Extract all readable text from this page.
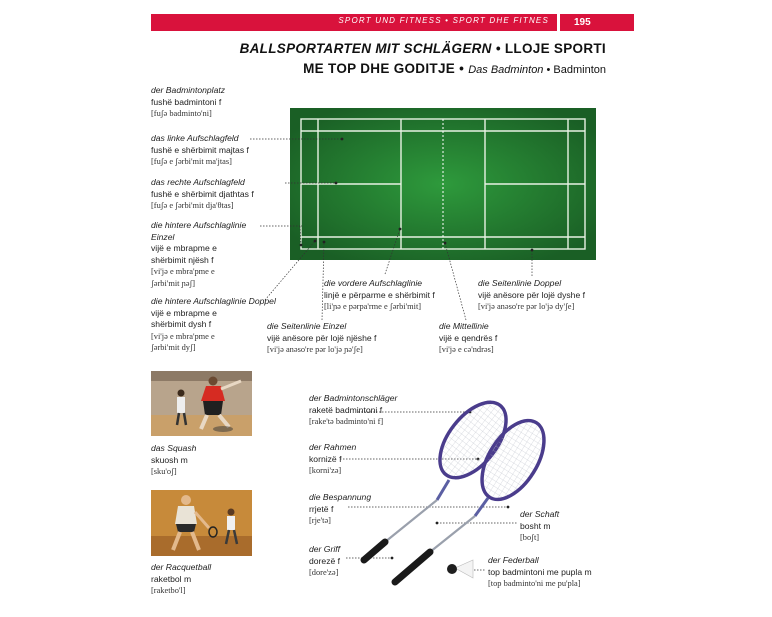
SPORT UND FITNESS • SPORT DHE FITNES	195
BALLSPORTARTEN MIT SCHLÄGERN • LLOJE SPORTI
ME TOP DHE GODITJE • Das Badminton • Badminton
der Badmintonplatz
fushë badmintoni f
[fuʃə badminto'ni]
das linke Aufschlagfeld
fushë e shërbimit majtas f
[fuʃə e ʃərbi'mit ma'jtas]
das rechte Aufschlagfeld
fushë e shërbimit djathtas f
[fuʃə e ʃərbi'mit dja'θtas]
die hintere Aufschlaglinie
Einzel
vijë e mbrapme e
shërbimit njësh f
[vi'jə e mbra'pme e
ʃərbi'mit ɲəʃ]
die hintere Aufschlaglinie Doppel
vijë e mbrapme e
shërbimit dysh f
[vi'jə e mbra'pme e
ʃərbi'mit dyʃ]
die vordere Aufschlaglinie
linjë e përparme e shërbimit f
[li'ɲə e pərpa'rme e ʃərbi'mit]
die Seitenlinie Doppel
vijë anësore për lojë dyshe f
[vi'jə anəso'rе pər lo'jə dy'ʃe]
die Seitenlinie Einzel
vijë anësore për lojë njëshe f
[vi'jə anəso'rе pər lo'jə ɲə'ʃe]
die Mittellinie
vijë e qendrës f
[vi'jə e cə'ndrəs]
das Squash
skuosh m
[sku'oʃ]
der Racquetball
raketbol m
[raketbo'l]
der Badmintonschläger
raketë badmintoni f
[rake'tə badminto'ni f]
der Rahmen
kornizë f
[korni'zə]
die Bespannung
rrjetë f
[rje'tə]
der Schaft
bosht m
[boʃt]
der Griff
dorezë f
[dore'zə]
der Federball
top badmintoni me pupla m
[top badminto'ni me pu'pla]
